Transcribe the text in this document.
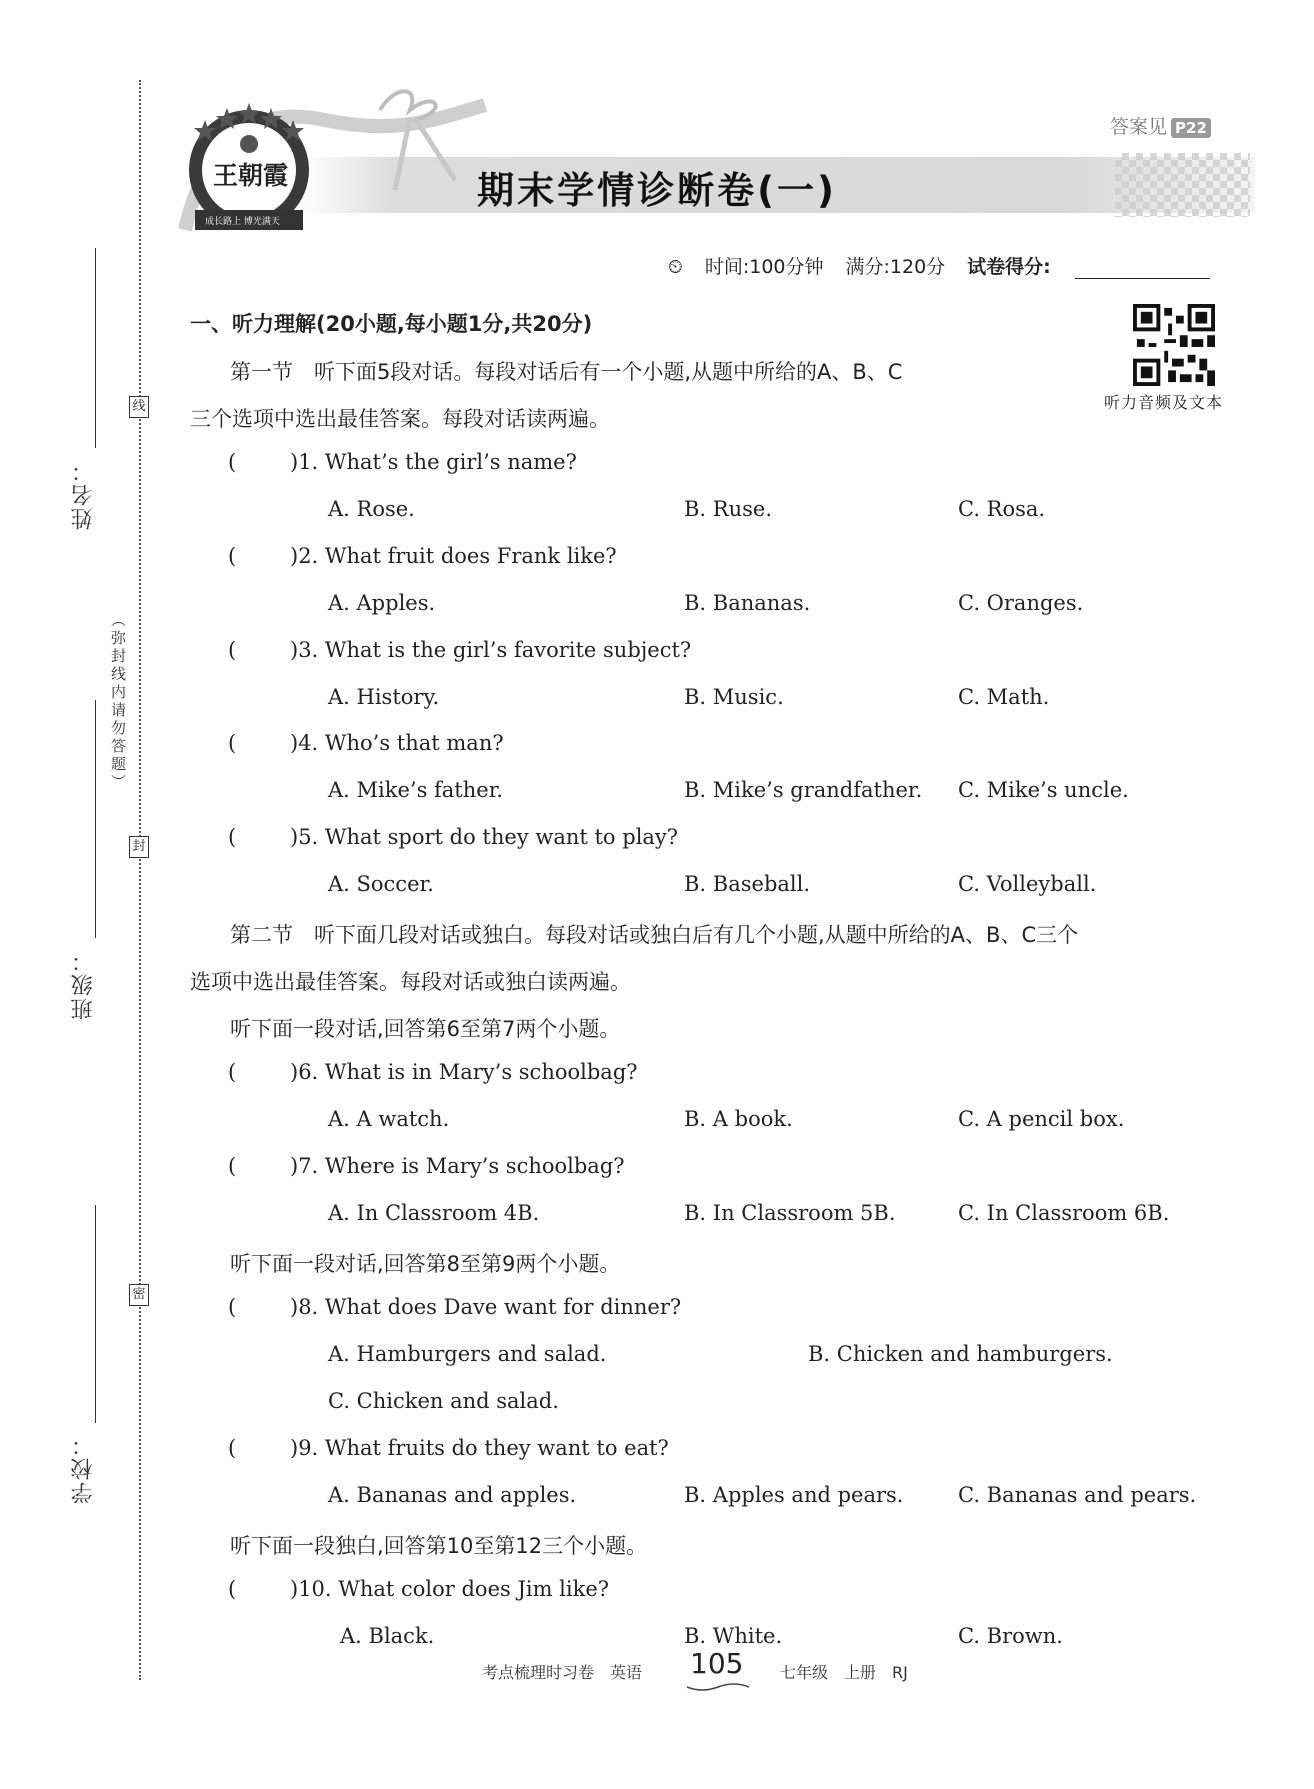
线
封
密
（弥封线内请勿答题）
姓名：
班级：
学校：
成长路上 博光满天
王朝霞
答案见 P22
期末学情诊断卷(一)
⏲ 时间:100分钟 满分:120分 试卷得分:
听力音频及文本
一、听力理解(20小题,每小题1分,共20分)
第一节　听下面5段对话。每段对话后有一个小题,从题中所给的A、B、C
三个选项中选出最佳答案。每段对话读两遍。
(	)1. What’s the girl’s name?
A. Rose.	B. Ruse.	C. Rosa.
(	)2. What fruit does Frank like?
A. Apples.	B. Bananas.	C. Oranges.
(	)3. What is the girl’s favorite subject?
A. History.	B. Music.	C. Math.
(	)4. Who’s that man?
A. Mike’s father.	B. Mike’s grandfather. C. Mike’s uncle.
(	)5. What sport do they want to play?
A. Soccer.	B. Baseball.	C. Volleyball.
第二节　听下面几段对话或独白。每段对话或独白后有几个小题,从题中所给的A、B、C三个
选项中选出最佳答案。每段对话或独白读两遍。
听下面一段对话,回答第6至第7两个小题。
(	)6. What is in Mary’s schoolbag?
A. A watch.	B. A book.	C. A pencil box.
(	)7. Where is Mary’s schoolbag?
A. In Classroom 4B.	B. In Classroom 5B.	C. In Classroom 6B.
听下面一段对话,回答第8至第9两个小题。
(	)8. What does Dave want for dinner?
A. Hamburgers and salad.	B. Chicken and hamburgers.
C. Chicken and salad.
(	)9. What fruits do they want to eat?
A. Bananas and apples.	B. Apples and pears.	C. Bananas and pears.
听下面一段独白,回答第10至第12三个小题。
(	)10. What color does Jim like?
A. Black.	B. White.	C. Brown.
考点梳理时习卷　英语 105 七年级　上册　RJ
